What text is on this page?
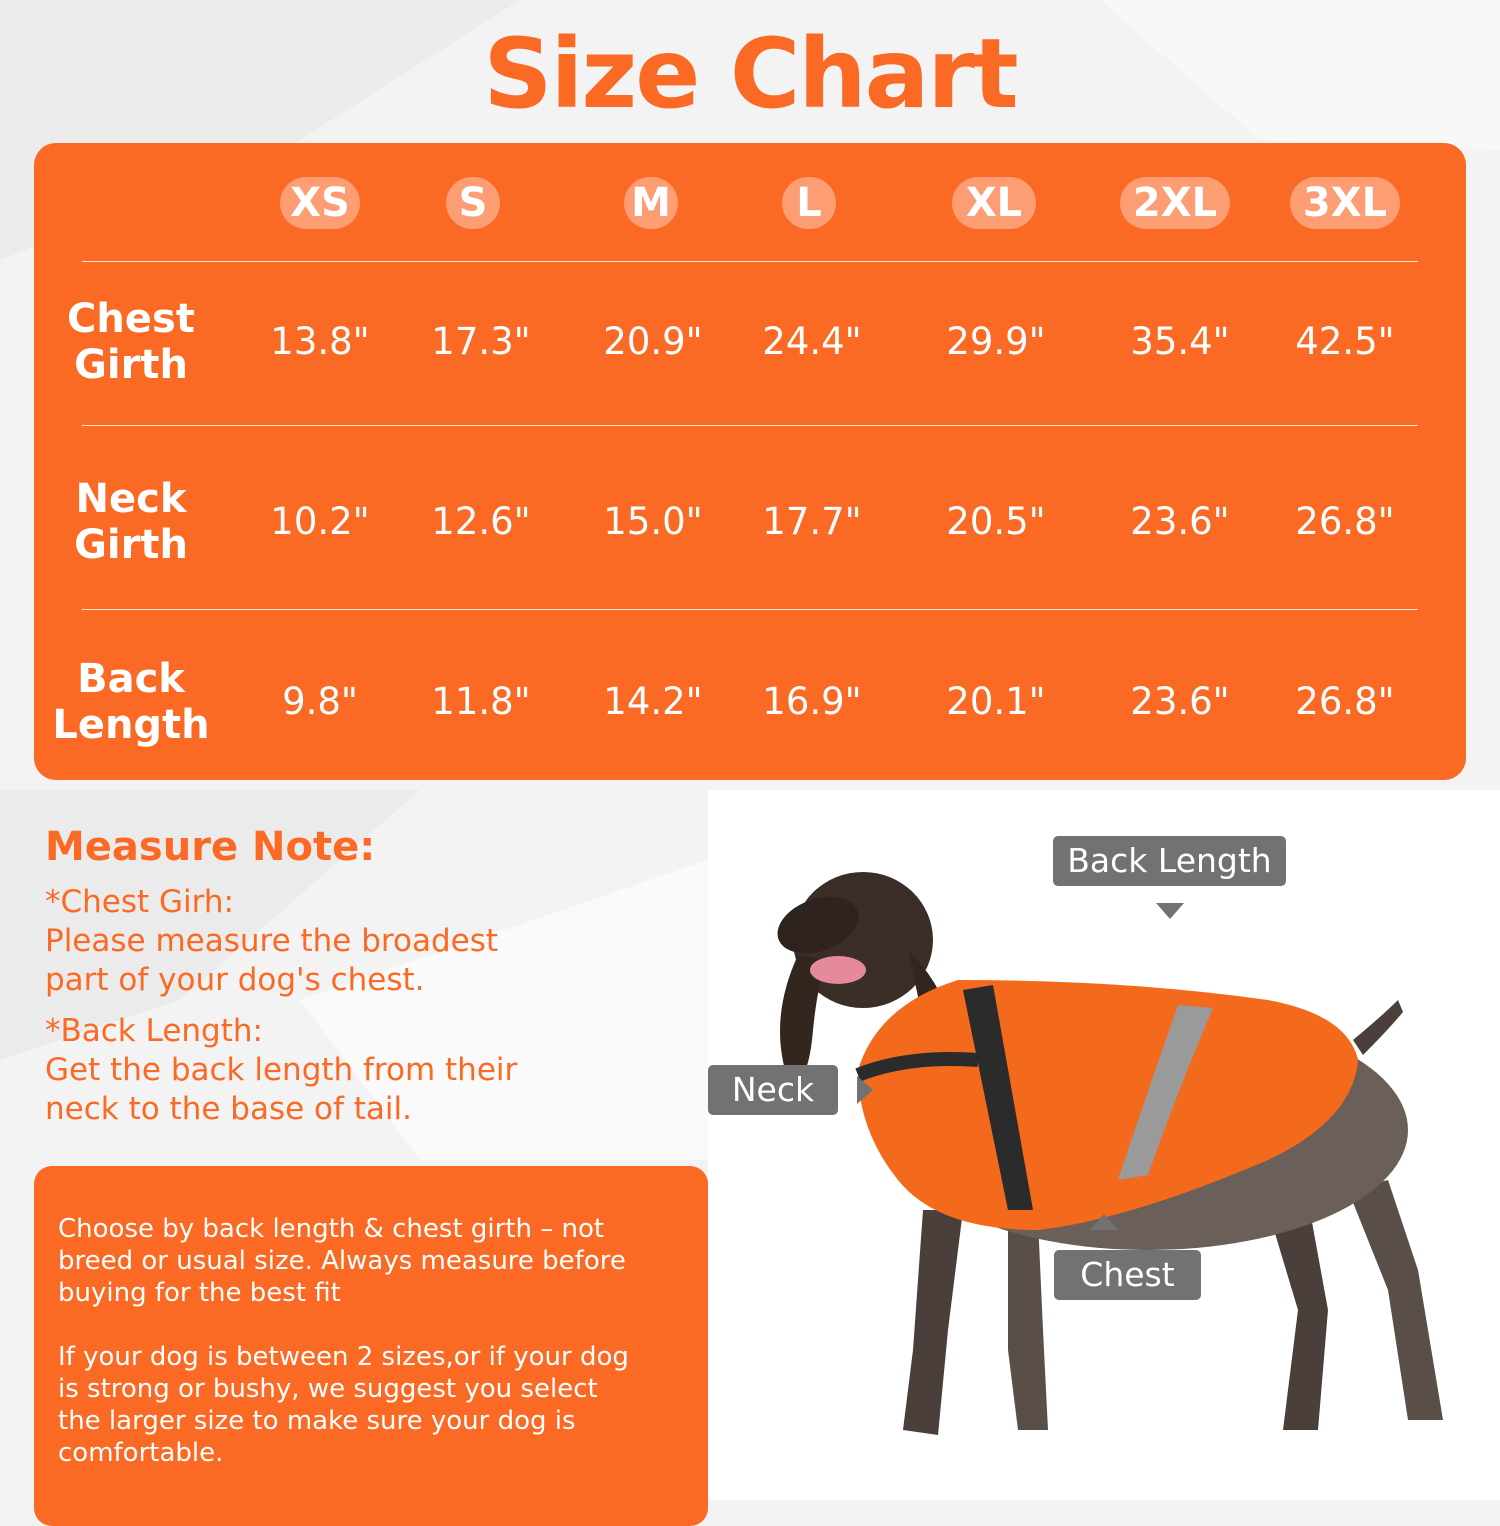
Size Chart
XS	S	M	L	XL	2XL	3XL
Chest
Girth
13.8"	17.3"	20.9"	24.4"	29.9"	35.4"	42.5"
Neck
Girth
10.2"	12.6"	15.0"	17.7"	20.5"	23.6"	26.8"
Back
Length
9.8"	11.8"	14.2"	16.9"	20.1"	23.6"	26.8"
Measure Note:
*Chest Girh:
Please measure the broadest
part of your dog's chest.
*Back Length:
Get the back length from their
neck to the base of tail.
Choose by back length & chest girth – not
breed or usual size. Always measure before
buying for the best fit
If your dog is between 2 sizes,or if your dog
is strong or bushy, we suggest you select
the larger size to make sure your dog is
comfortable.
Back Length
Neck
Chest
